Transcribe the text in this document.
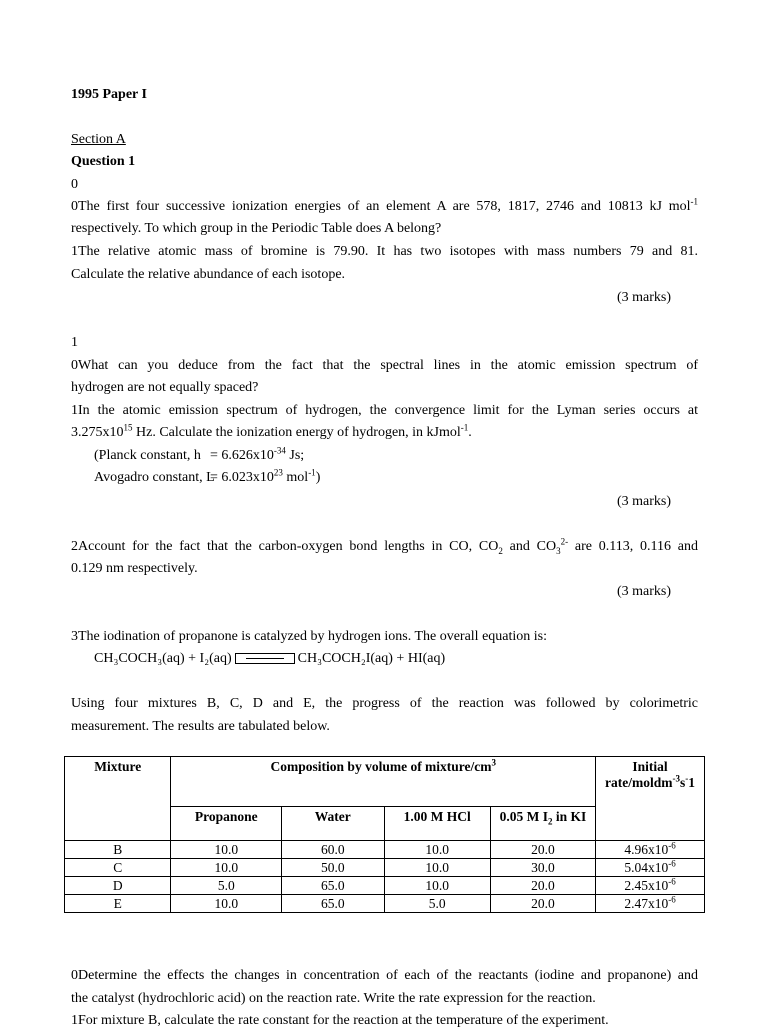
1995 Paper I
Section A
Question 1
0
0The first four successive ionization energies of an element A are 578, 1817, 2746 and 10813 kJ mol$^{-1}$
respectively. To which group in the Periodic Table does A belong?
1The relative atomic mass of bromine is 79.90. It has two isotopes with mass numbers 79 and 81.
Calculate the relative abundance of each isotope.
(3 marks)
1
0What can you deduce from the fact that the spectral lines in the atomic emission spectrum of
hydrogen are not equally spaced?
1In the atomic emission spectrum of hydrogen, the convergence limit for the Lyman series occurs at
$3.275x10^{15}$ Hz. Calculate the ionization energy of hydrogen, in kJmol$^{-1}$.
(Planck constant, $h = 6.626x10^{-34}$ Js;
Avogadro constant, $L= 6.023x10^{23}$ mol$^{-1}$)
(3 marks)
2Account for the fact that the carbon-oxygen bond lengths in CO, $CO_2$ and $CO_3^{2-}$ are 0.113, 0.116 and
0.129 nm respectively.
(3 marks)
3The iodination of propanone is catalyzed by hydrogen ions. The overall equation is:
CH₃COCH₃(aq) + I₂(aq)	CH₃COCH₂I(aq) + HI(aq)
Using four mixtures B, C, D and E, the progress of the reaction was followed by colorimetric
measurement. The results are tabulated below.
Mixture	Composition by volume of mixture/$cm^3$				Initial rate/moldm$^{-3}$s-1
	Propanone	Water	1.00 M HCl	0.05 M $I_2$ in KI	
B	10.0	60.0	10.0	20.0	$4.96x10^{-6}$
C	10.0	50.0	10.0	30.0	$5.04x10^{-6}$
D	5.0	65.0	10.0	20.0	$2.45x10^{-6}$
E	10.0	65.0	5.0	20.0	$2.47x10^{-6}$
0Determine the effects the changes in concentration of each of the reactants (iodine and propanone) and
the catalyst (hydrochloric acid) on the reaction rate. Write the rate expression for the reaction.
1For mixture B, calculate the rate constant for the reaction at the temperature of the experiment.
